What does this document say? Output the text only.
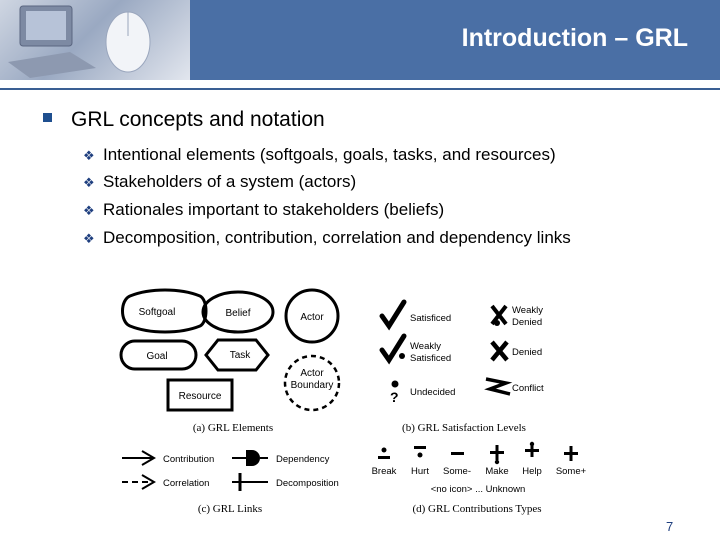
Introduction – GRL
GRL concepts and notation
❖ Intentional elements (softgoals, goals, tasks, and resources)
❖ Stakeholders of a system (actors)
❖ Rationales important to stakeholders (beliefs)
❖ Decomposition, contribution, correlation and dependency links
Softgoal	Belief	Actor
Goal	Task
Actor
Boundary
Resource
(a) GRL Elements
Satisficed
Weakly
Satisficed
? Undecided
Weakly
Denied
Denied
Conflict
(b) GRL Satisfaction Levels
Contribution
Correlation
Dependency
Decomposition
(c) GRL Links
Break Hurt Some- Make Help Some+
<no icon> ... Unknown
(d) GRL Contributions Types
7
